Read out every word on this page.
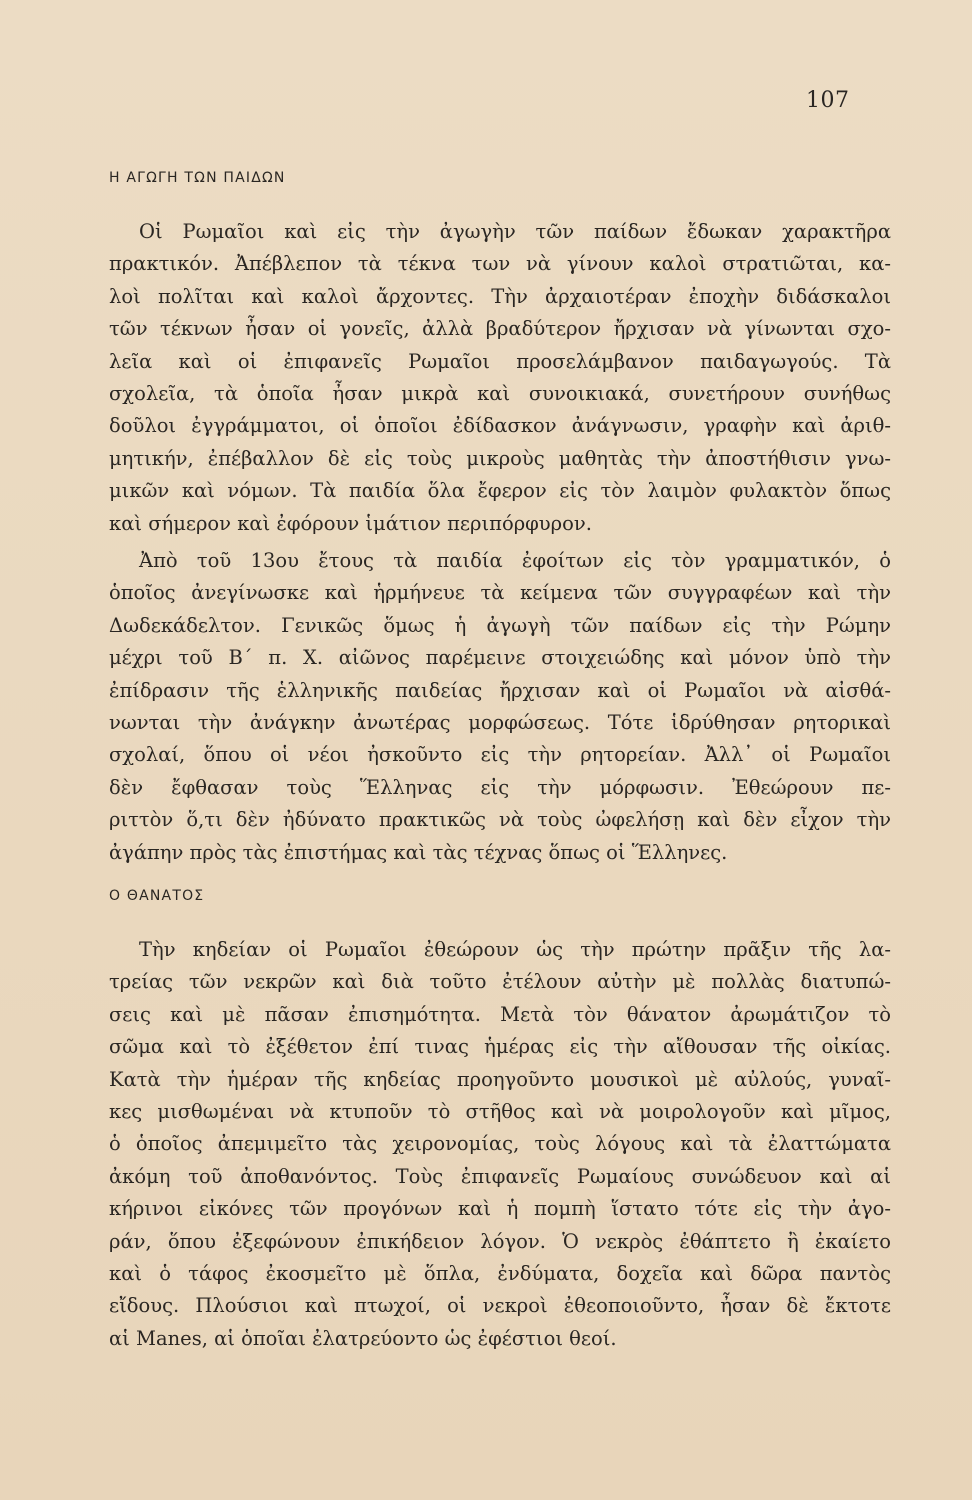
107
Η ΑΓΩΓΗ ΤΩΝ ΠΑΙΔΩΝ
Οἱ Ρωμαῖοι καὶ εἰς τὴν ἀγωγὴν τῶν παίδων ἔδωκαν χαρακτῆρα
πρακτικόν. Ἀπέβλεπον τὰ τέκνα των νὰ γίνουν καλοὶ στρατιῶται, κα-
λοὶ πολῖται καὶ καλοὶ ἄρχοντες. Τὴν ἀρχαιοτέραν ἐποχὴν διδάσκαλοι
τῶν τέκνων ἦσαν οἱ γονεῖς, ἀλλὰ βραδύτερον ἤρχισαν νὰ γίνωνται σχο-
λεῖα καὶ οἱ ἐπιφανεῖς Ρωμαῖοι προσελάμβανον παιδαγωγούς. Τὰ
σχολεῖα, τὰ ὁποῖα ἦσαν μικρὰ καὶ συνοικιακά, συνετήρουν συνήθως
δοῦλοι ἐγγράμματοι, οἱ ὁποῖοι ἐδίδασκον ἀνάγνωσιν, γραφὴν καὶ ἀριθ-
μητικήν, ἐπέβαλλον δὲ εἰς τοὺς μικροὺς μαθητὰς τὴν ἀποστήθισιν γνω-
μικῶν καὶ νόμων. Τὰ παιδία ὅλα ἔφερον εἰς τὸν λαιμὸν φυλακτὸν ὅπως
καὶ σήμερον καὶ ἐφόρουν ἱμάτιον περιπόρφυρον.
Ἀπὸ τοῦ 13ου ἔτους τὰ παιδία ἐφοίτων εἰς τὸν γραμματικόν, ὁ
ὁποῖος ἀνεγίνωσκε καὶ ἡρμήνευε τὰ κείμενα τῶν συγγραφέων καὶ τὴν
Δωδεκάδελτον. Γενικῶς ὅμως ἡ ἀγωγὴ τῶν παίδων εἰς τὴν Ρώμην
μέχρι τοῦ Β΄ π. Χ. αἰῶνος παρέμεινε στοιχειώδης καὶ μόνον ὑπὸ τὴν
ἐπίδρασιν τῆς ἑλληνικῆς παιδείας ἤρχισαν καὶ οἱ Ρωμαῖοι νὰ αἰσθά-
νωνται τὴν ἀνάγκην ἀνωτέρας μορφώσεως. Τότε ἱδρύθησαν ρητορικαὶ
σχολαί, ὅπου οἱ νέοι ἠσκοῦντο εἰς τὴν ρητορείαν. Ἀλλ᾿ οἱ Ρωμαῖοι
δὲν ἔφθασαν τοὺς Ἕλληνας εἰς τὴν μόρφωσιν. Ἐθεώρουν πε-
ριττὸν ὅ,τι δὲν ἠδύνατο πρακτικῶς νὰ τοὺς ὠφελήσῃ καὶ δὲν εἶχον τὴν
ἀγάπην πρὸς τὰς ἐπιστήμας καὶ τὰς τέχνας ὅπως οἱ Ἕλληνες.
Ο ΘΑΝΑΤΟΣ
Τὴν κηδείαν οἱ Ρωμαῖοι ἐθεώρουν ὡς τὴν πρώτην πρᾶξιν τῆς λα-
τρείας τῶν νεκρῶν καὶ διὰ τοῦτο ἐτέλουν αὐτὴν μὲ πολλὰς διατυπώ-
σεις καὶ μὲ πᾶσαν ἐπισημότητα. Μετὰ τὸν θάνατον ἀρωμάτιζον τὸ
σῶμα καὶ τὸ ἐξέθετον ἐπί τινας ἡμέρας εἰς τὴν αἴθουσαν τῆς οἰκίας.
Κατὰ τὴν ἡμέραν τῆς κηδείας προηγοῦντο μουσικοὶ μὲ αὐλούς, γυναῖ-
κες μισθωμέναι νὰ κτυποῦν τὸ στῆθος καὶ νὰ μοιρολογοῦν καὶ μῖμος,
ὁ ὁποῖος ἀπεμιμεῖτο τὰς χειρονομίας, τοὺς λόγους καὶ τὰ ἐλαττώματα
ἀκόμη τοῦ ἀποθανόντος. Τοὺς ἐπιφανεῖς Ρωμαίους συνώδευον καὶ αἱ
κήρινοι εἰκόνες τῶν προγόνων καὶ ἡ πομπὴ ἵστατο τότε εἰς τὴν ἀγο-
ράν, ὅπου ἐξεφώνουν ἐπικήδειον λόγον. Ὁ νεκρὸς ἐθάπτετο ἢ ἐκαίετο
καὶ ὁ τάφος ἐκοσμεῖτο μὲ ὅπλα, ἐνδύματα, δοχεῖα καὶ δῶρα παντὸς
εἴδους. Πλούσιοι καὶ πτωχοί, οἱ νεκροὶ ἐθεοποιοῦντο, ἦσαν δὲ ἔκτοτε
αἱ Manes, αἱ ὁποῖαι ἐλατρεύοντο ὡς ἐφέστιοι θεοί.
